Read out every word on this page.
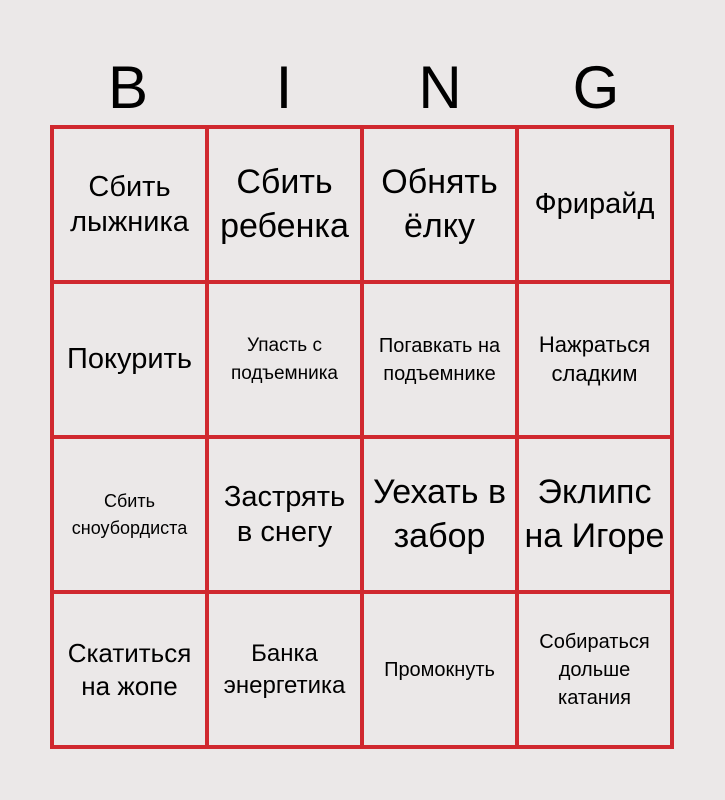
B	I	N	G
Сбить лыжника
Сбить ребенка
Обнять ёлку
Фрирайд
Покурить	Упасть с подъемника
Погавкать на подъемнике
Нажраться сладким
Сбить сноубордиста
Застрять в снегу
Уехать в забор
Эклипс на Игоре
Скатиться на жопе
Банка энергетика
Промокнуть
Собираться дольше катания
